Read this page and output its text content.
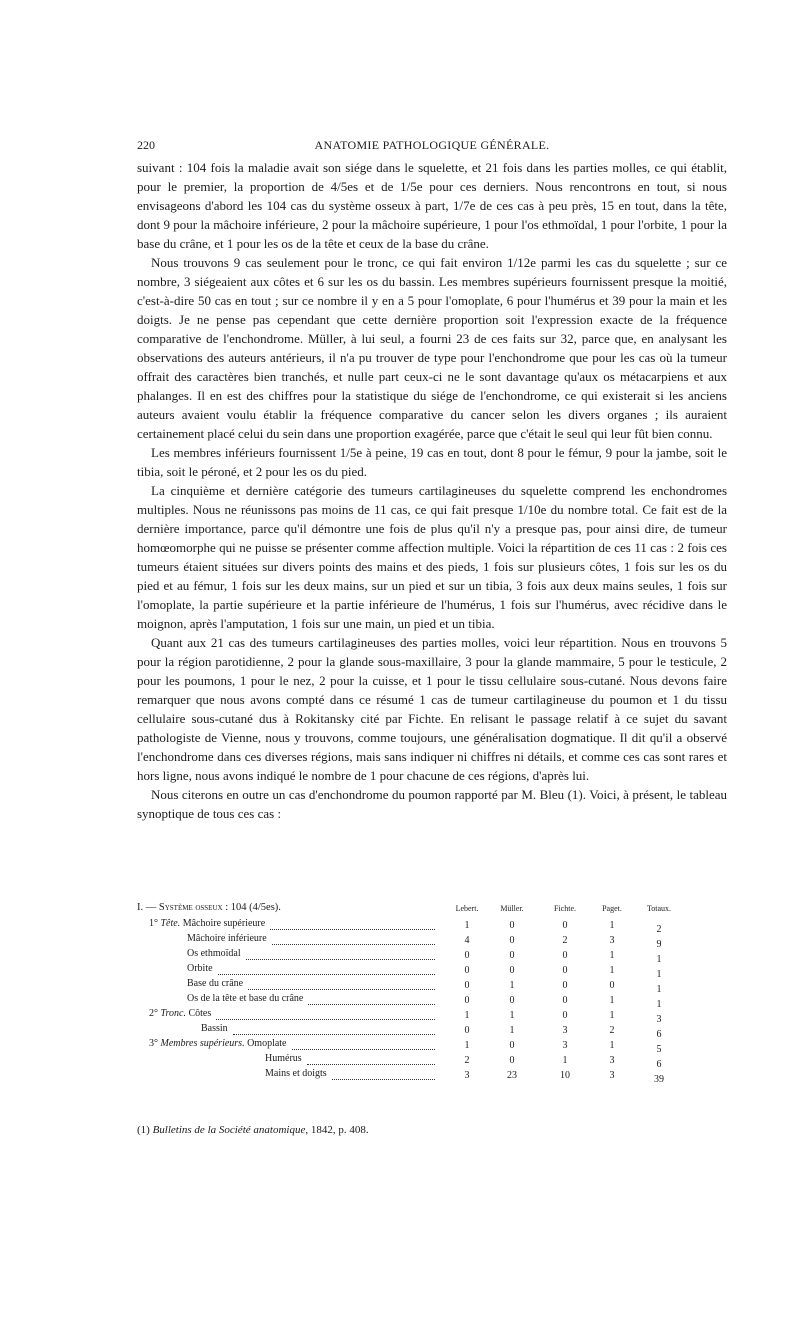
220	ANATOMIE PATHOLOGIQUE GÉNÉRALE.

suivant : 104 fois la maladie avait son siége dans le squelette, et 21 fois dans les parties molles, ce qui établit, pour le premier, la proportion de 4/5es et de 1/5e pour ces derniers. Nous rencontrons en tout, si nous envisageons d'abord les 104 cas du système osseux à part, 1/7e de ces cas à peu près, 15 en tout, dans la tête, dont 9 pour la mâchoire inférieure, 2 pour la mâchoire supérieure, 1 pour l'os ethmoïdal, 1 pour l'orbite, 1 pour la base du crâne, et 1 pour les os de la tête et ceux de la base du crâne.

Nous trouvons 9 cas seulement pour le tronc, ce qui fait environ 1/12e parmi les cas du squelette ; sur ce nombre, 3 siégeaient aux côtes et 6 sur les os du bassin. Les membres supérieurs fournissent presque la moitié, c'est-à-dire 50 cas en tout ; sur ce nombre il y en a 5 pour l'omoplate, 6 pour l'humérus et 39 pour la main et les doigts. Je ne pense pas cependant que cette dernière proportion soit l'expression exacte de la fréquence comparative de l'enchondrome. Müller, à lui seul, a fourni 23 de ces faits sur 32, parce que, en analysant les observations des auteurs antérieurs, il n'a pu trouver de type pour l'enchondrome que pour les cas où la tumeur offrait des caractères bien tranchés, et nulle part ceux-ci ne le sont davantage qu'aux os métacarpiens et aux phalanges. Il en est des chiffres pour la statistique du siége de l'enchondrome, ce qui existerait si les anciens auteurs avaient voulu établir la fréquence comparative du cancer selon les divers organes ; ils auraient certainement placé celui du sein dans une proportion exagérée, parce que c'était le seul qui leur fût bien connu.

Les membres inférieurs fournissent 1/5e à peine, 19 cas en tout, dont 8 pour le fémur, 9 pour la jambe, soit le tibia, soit le péroné, et 2 pour les os du pied.

La cinquième et dernière catégorie des tumeurs cartilagineuses du squelette comprend les enchondromes multiples. Nous ne réunissons pas moins de 11 cas, ce qui fait presque 1/10e du nombre total. Ce fait est de la dernière importance, parce qu'il démontre une fois de plus qu'il n'y a presque pas, pour ainsi dire, de tumeur homœomorphe qui ne puisse se présenter comme affection multiple. Voici la répartition de ces 11 cas : 2 fois ces tumeurs étaient situées sur divers points des mains et des pieds, 1 fois sur plusieurs côtes, 1 fois sur les os du pied et au fémur, 1 fois sur les deux mains, sur un pied et sur un tibia, 3 fois aux deux mains seules, 1 fois sur l'omoplate, la partie supérieure et la partie inférieure de l'humérus, 1 fois sur l'humérus, avec récidive dans le moignon, après l'amputation, 1 fois sur une main, un pied et un tibia.

Quant aux 21 cas des tumeurs cartilagineuses des parties molles, voici leur répartition. Nous en trouvons 5 pour la région parotidienne, 2 pour la glande sous-maxillaire, 3 pour la glande mammaire, 5 pour le testicule, 2 pour les poumons, 1 pour le nez, 2 pour la cuisse, et 1 pour le tissu cellulaire sous-cutané. Nous devons faire remarquer que nous avons compté dans ce résumé 1 cas de tumeur cartilagineuse du poumon et 1 du tissu cellulaire sous-cutané dus à Rokitansky cité par Fichte. En relisant le passage relatif à ce sujet du savant pathologiste de Vienne, nous y trouvons, comme toujours, une généralisation dogmatique. Il dit qu'il a observé l'enchondrome dans ces diverses régions, mais sans indiquer ni chiffres ni détails, et comme ces cas sont rares et hors ligne, nous avons indiqué le nombre de 1 pour chacune de ces régions, d'après lui.

Nous citerons en outre un cas d'enchondrome du poumon rapporté par M. Bleu (1). Voici, à présent, le tableau synoptique de tous ces cas :

I. — Système osseux : 104 (4/5es).	Lebert.	Müller.	Fichte.	Paget.	Totaux.
1° Tête. Mâchoire supérieure	1	0	0	1	2
Mâchoire inférieure	4	0	2	3	9
Os ethmoïdal	0	0	0	1	1
Orbite	0	0	0	1	1
Base du crâne	0	1	0	0	1
Os de la tête et base du crâne	0	0	0	1	1
2° Tronc. Côtes	1	1	0	1	3
Bassin	0	1	3	2	6
3° Membres supérieurs. Omoplate	1	0	3	1	5
Humérus	2	0	1	3	6
Mains et doigts	3	23	10	3	39
(1) Bulletins de la Société anatomique, 1842, p. 408.
